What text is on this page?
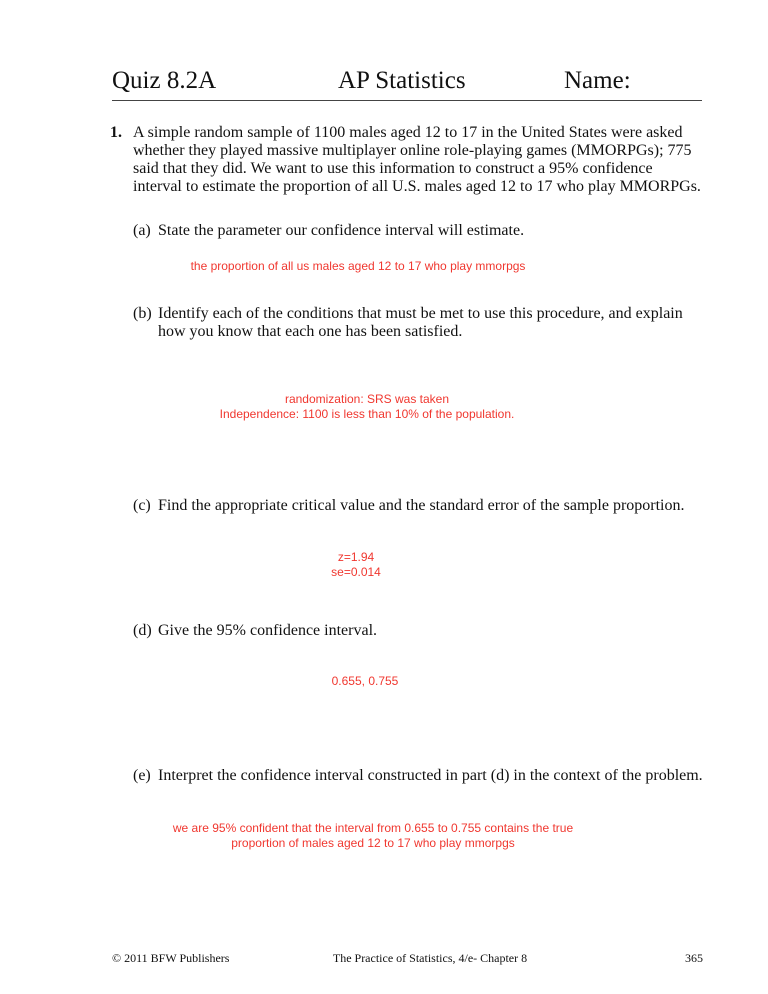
Quiz 8.2A	AP Statistics	Name:
1. A simple random sample of 1100 males aged 12 to 17 in the United States were asked whether they played massive multiplayer online role-playing games (MMORPGs); 775 said that they did. We want to use this information to construct a 95% confidence interval to estimate the proportion of all U.S. males aged 12 to 17 who play MMORPGs.
(a) State the parameter our confidence interval will estimate.
the proportion of all us males aged 12 to 17 who play mmorpgs
(b) Identify each of the conditions that must be met to use this procedure, and explain how you know that each one has been satisfied.
randomization: SRS was taken
Independence: 1100 is less than 10% of the population.
(c) Find the appropriate critical value and the standard error of the sample proportion.
z=1.94
se=0.014
(d) Give the 95% confidence interval.
0.655, 0.755
(e) Interpret the confidence interval constructed in part (d) in the context of the problem.
we are 95% confident that the interval from 0.655 to 0.755 contains the true
proportion of males aged 12 to 17 who play mmorpgs
© 2011 BFW Publishers	The Practice of Statistics, 4/e- Chapter 8	365
